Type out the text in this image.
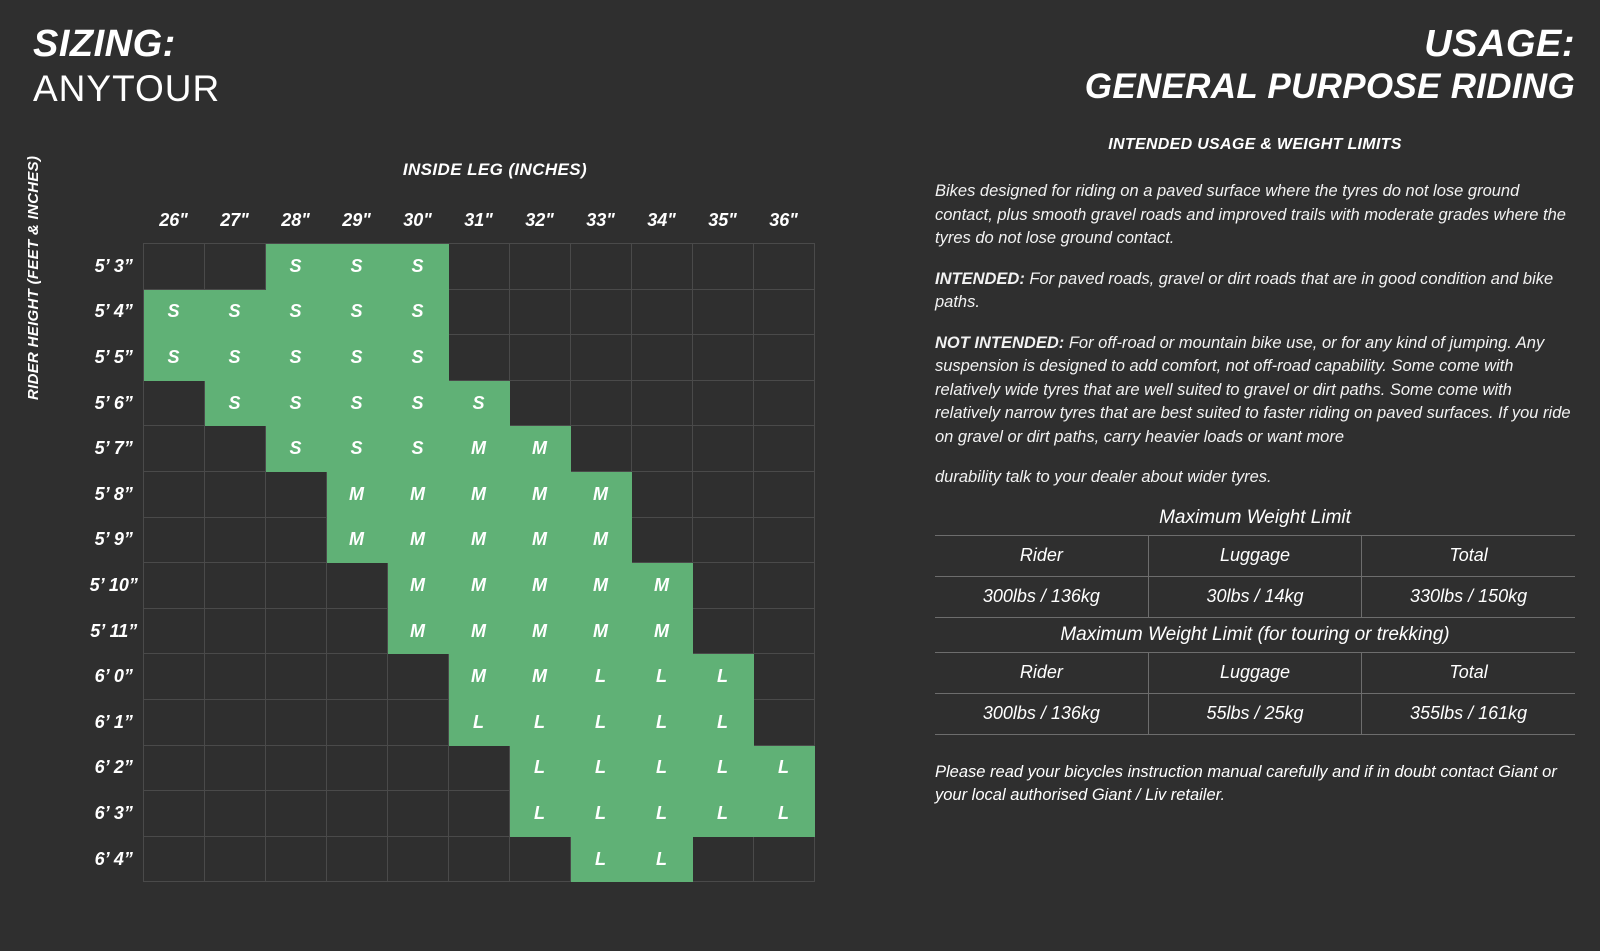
SIZING:
ANYTOUR
INSIDE LEG (INCHES)
RIDER HEIGHT (FEET & INCHES)
		26"	27"	28"	29"	30"	31"	32"	33"	34"	35"	36"
5’ 3”			S	S	S						
5’ 4”	S	S	S	S	S						
5’ 5”	S	S	S	S	S						
5’ 6”		S	S	S	S	S					
5’ 7”			S	S	S	M	M				
5’ 8”				M	M	M	M	M			
5’ 9”				M	M	M	M	M			
5’ 10”					M	M	M	M	M		
5’ 11”					M	M	M	M	M		
6’ 0”						M	M	L	L	L	
6’ 1”						L	L	L	L	L	
6’ 2”							L	L	L	L	L
6’ 3”							L	L	L	L	L
6’ 4”								L	L		
USAGE:
GENERAL PURPOSE RIDING
INTENDED USAGE & WEIGHT LIMITS

Bikes designed for riding on a paved surface where the tyres do not lose ground contact, plus smooth gravel roads and improved trails with moderate grades where the tyres do not lose ground contact.

INTENDED: For paved roads, gravel or dirt roads that are in good condition and bike paths.

NOT INTENDED: For off-road or mountain bike use, or for any kind of jumping. Any suspension is designed to add comfort, not off-road capability. Some come with relatively wide tyres that are well suited to gravel or dirt paths. Some come with relatively narrow tyres that are best suited to faster riding on paved surfaces. If you ride on gravel or dirt paths, carry heavier loads or want more

durability talk to your dealer about wider tyres.

Maximum Weight Limit
Rider	Luggage	Total
300lbs / 136kg	30lbs / 14kg	330lbs / 150kg
Maximum Weight Limit (for touring or trekking)
Rider	Luggage	Total
300lbs / 136kg	55lbs / 25kg	355lbs / 161kg
Please read your bicycles instruction manual carefully and if in doubt contact Giant or your local authorised Giant / Liv retailer.
